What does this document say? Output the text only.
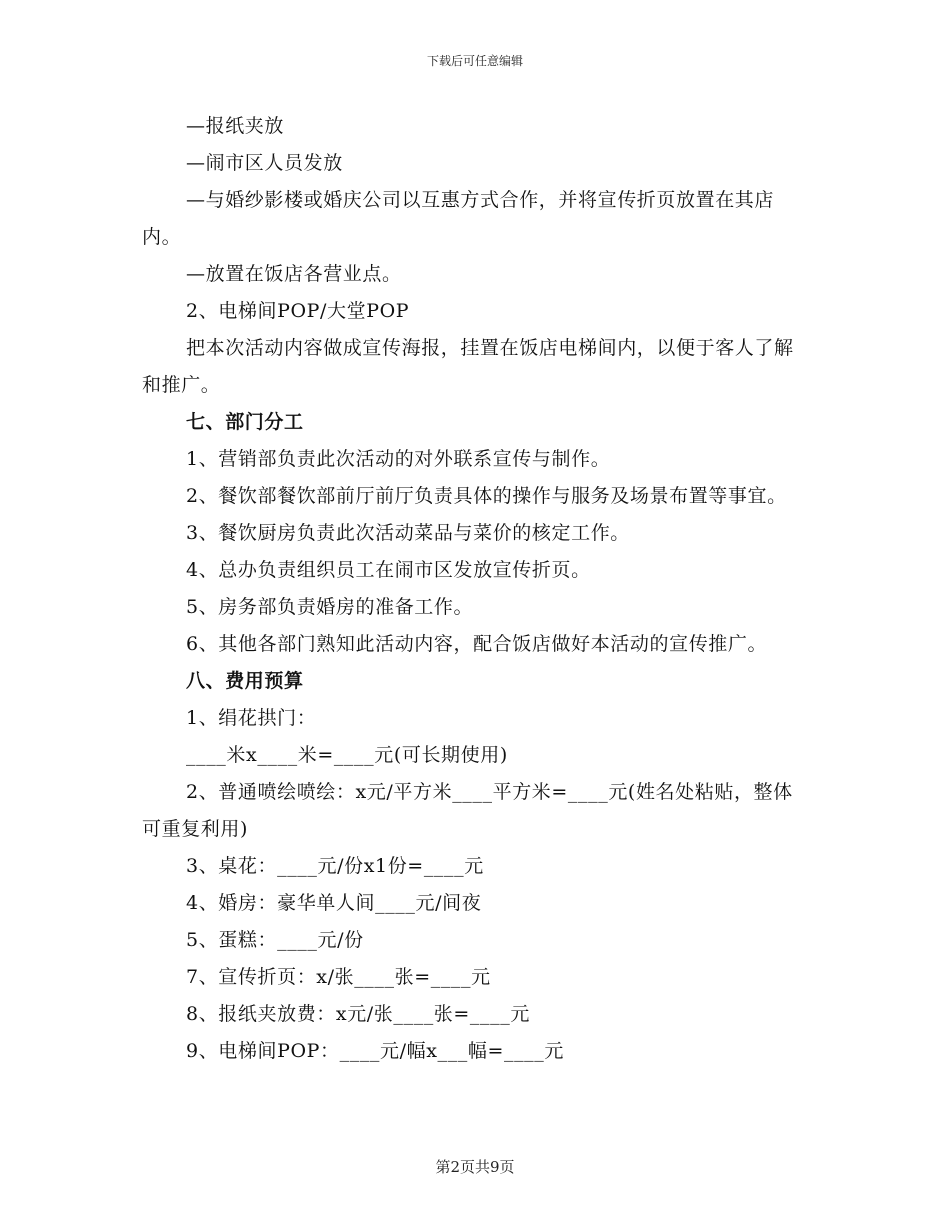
下载后可任意编辑

—报纸夹放

—闹市区人员发放

—与婚纱影楼或婚庆公司以互惠方式合作，并将宣传折页放置在其店内。

—放置在饭店各营业点。

2、电梯间POP/大堂POP

把本次活动内容做成宣传海报，挂置在饭店电梯间内，以便于客人了解和推广。

七、部门分工

1、营销部负责此次活动的对外联系宣传与制作。

2、餐饮部餐饮部前厅前厅负责具体的操作与服务及场景布置等事宜。

3、餐饮厨房负责此次活动菜品与菜价的核定工作。

4、总办负责组织员工在闹市区发放宣传折页。

5、房务部负责婚房的准备工作。

6、其他各部门熟知此活动内容，配合饭店做好本活动的宣传推广。

八、费用预算

1、绢花拱门：

____米x____米=____元(可长期使用)

2、普通喷绘喷绘：x元/平方米____平方米=____元(姓名处粘贴，整体可重复利用)

3、桌花：____元/份x1份=____元

4、婚房：豪华单人间____元/间夜

5、蛋糕：____元/份

7、宣传折页：x/张____张=____元

8、报纸夹放费：x元/张____张=____元

9、电梯间POP：____元/幅x___幅=____元

第2页共9页
